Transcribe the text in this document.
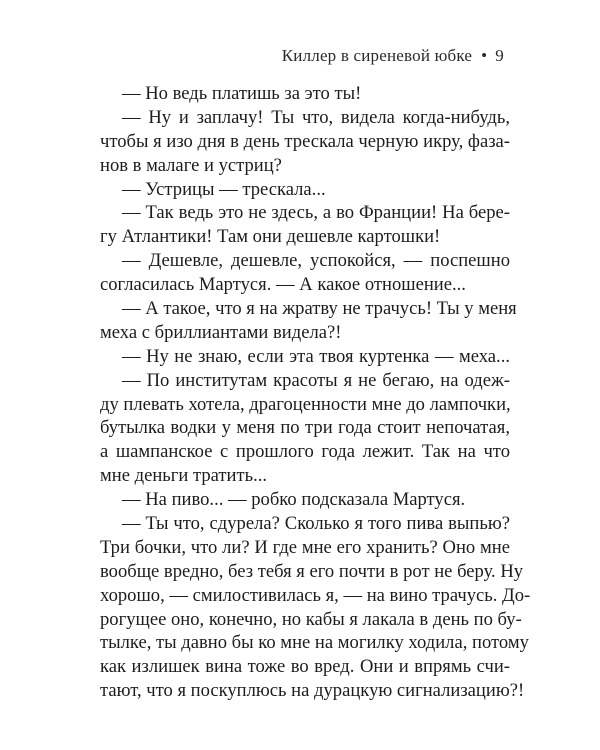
Киллер в сиреневой юбке • 9
— Но ведь платишь за это ты!
— Ну и заплачу! Ты что, видела когда-нибудь,
чтобы я изо дня в день трескала черную икру, фаза-
нов в малаге и устриц?
— Устрицы — трескала...
— Так ведь это не здесь, а во Франции! На бере-
гу Атлантики! Там они дешевле картошки!
— Дешевле, дешевле, успокойся, — поспешно
согласилась Мартуся. — А какое отношение...
— А такое, что я на жратву не трачусь! Ты у меня
меха с бриллиантами видела?!
— Ну не знаю, если эта твоя куртенка — меха...
— По институтам красоты я не бегаю, на одеж-
ду плевать хотела, драгоценности мне до лампочки,
бутылка водки у меня по три года стоит непочатая,
а шампанское с прошлого года лежит. Так на что
мне деньги тратить...
— На пиво... — робко подсказала Мартуся.
— Ты что, сдурела? Сколько я того пива выпью?
Три бочки, что ли? И где мне его хранить? Оно мне
вообще вредно, без тебя я его почти в рот не беру. Ну
хорошо, — смилостивилась я, — на вино трачусь. До-
рогущее оно, конечно, но кабы я лакала в день по бу-
тылке, ты давно бы ко мне на могилку ходила, потому
как излишек вина тоже во вред. Они и впрямь счи-
тают, что я поскуплюсь на дурацкую сигнализацию?!
